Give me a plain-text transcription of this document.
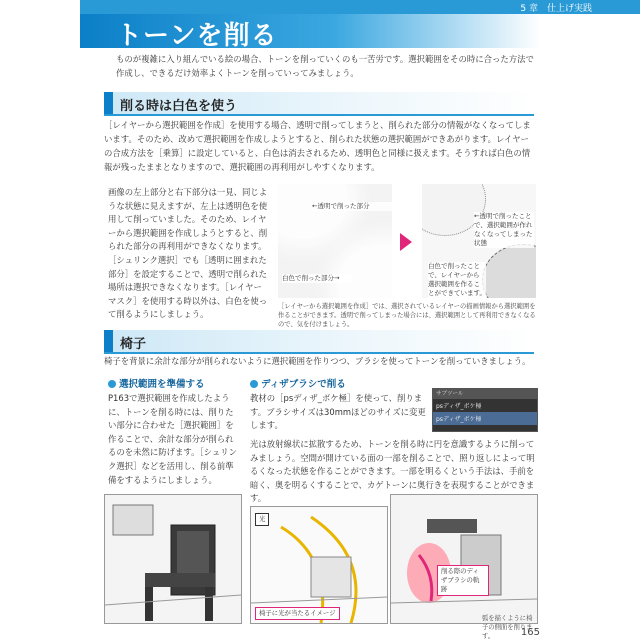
5 章　仕上げ実践
トーンを削る
ものが複雑に入り組んでいる絵の場合、トーンを削っていくのも一苦労です。選択範囲をその時に合った方法で作成し、できるだけ効率よくトーンを削っていってみましょう。
削る時は白色を使う
［レイヤーから選択範囲を作成］を使用する場合、透明で削ってしまうと、削られた部分の情報がなくなってしまいます。そのため、改めて選択範囲を作成しようとすると、削られた状態の選択範囲ができあがります。レイヤーの合成方法を［乗算］に設定していると、白色は消去されるため、透明色と同様に扱えます。そうすれば白色の情報が残ったままとなりますので、選択範囲の再利用がしやすくなります。
画像の左上部分と右下部分は一見、同じような状態に見えますが、左上は透明色を使用して削っていました。そのため、レイヤーから選択範囲を作成しようとすると、削られた部分の再利用ができなくなります。［シュリンク選択］でも［透明に囲まれた部分］を設定することで、透明で削られた場所は選択できなくなります。［レイヤーマスク］を使用する時以外は、白色を使って削るようにしましょう。
←透明で削った部分
白色で削った部分→
←透明で削ったことで、選択範囲が作れなくなってしまった状態
白色で削ったことで、レイヤーから選択範囲を作ることができています。
［レイヤーから選択範囲を作成］では、選択されているレイヤーの描画情報から選択範囲を作ることができます。透明で削ってしまった場合には、選択範囲として再利用できなくなるので、気を付けましょう。
椅子
椅子を背景に余計な部分が削られないように選択範囲を作りつつ、ブラシを使ってトーンを削っていきましょう。
選択範囲を準備する
P163で選択範囲を作成したように、トーンを削る時には、削りたい部分に合わせた［選択範囲］を作ることで、余計な部分が削られるのを未然に防げます。［シュリンク選択］などを活用し、削る前準備をするようにしましょう。
ディザブラシで削る
教材の［psディザ_ボケ極］を使って、削ります。ブラシサイズは30mmほどのサイズに変更します。
サブツール
psディザ_ボケ極
psディザ_ボケ極
光は放射線状に拡散するため、トーンを削る時に円を意識するように削ってみましょう。空間が開けている面の一部を削ることで、照り返しによって明るくなった状態を作ることができます。一部を明るくという手法は、手前を暗く、奥を明るくすることで、カゲトーンに奥行きを表現することができます。
光
椅子に光が当たるイメージ
削る際のディザブラシの軌跡
弧を描くように椅子の側面を削ります。	165
